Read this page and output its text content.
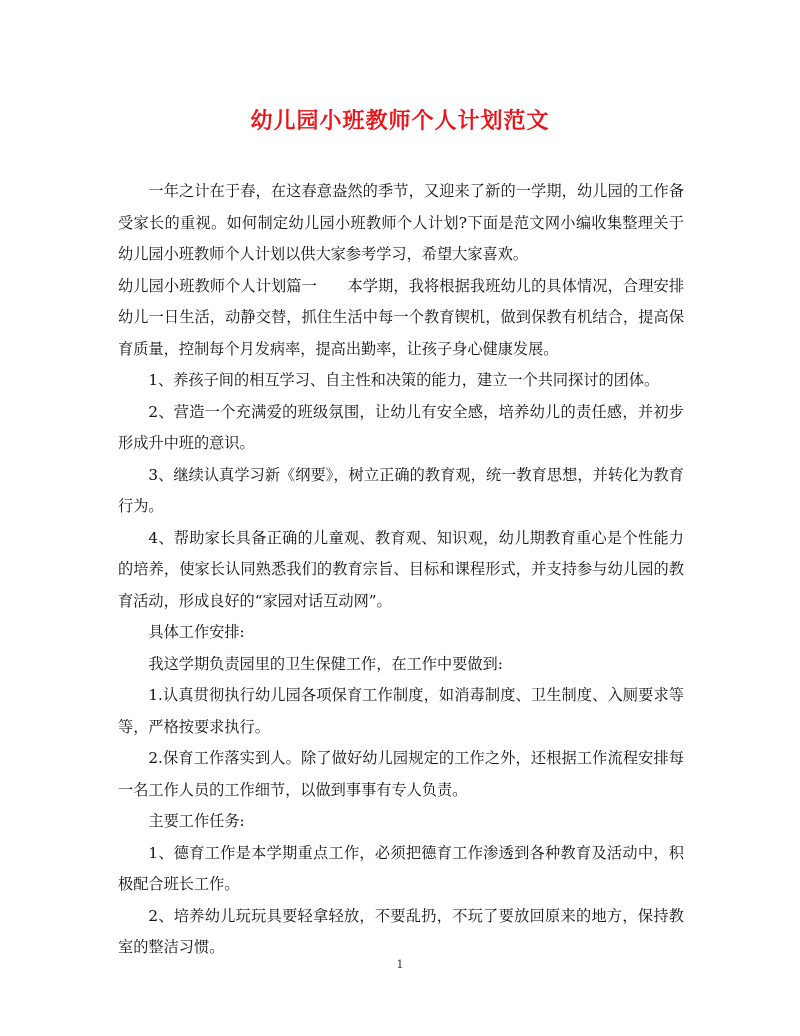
幼儿园小班教师个人计划范文

一年之计在于春，在这春意盎然的季节，又迎来了新的一学期，幼儿园的工作备受家长的重视。如何制定幼儿园小班教师个人计划?下面是范文网小编收集整理关于幼儿园小班教师个人计划以供大家参考学习，希望大家喜欢。

幼儿园小班教师个人计划篇一　　本学期，我将根据我班幼儿的具体情况，合理安排幼儿一日生活，动静交替，抓住生活中每一个教育锲机，做到保教有机结合，提高保育质量，控制每个月发病率，提高出勤率，让孩子身心健康发展。

1、养孩子间的相互学习、自主性和决策的能力，建立一个共同探讨的团体。

2、营造一个充满爱的班级氛围，让幼儿有安全感，培养幼儿的责任感，并初步形成升中班的意识。

3、继续认真学习新《纲要》，树立正确的教育观，统一教育思想，并转化为教育行为。

4、帮助家长具备正确的儿童观、教育观、知识观，幼儿期教育重心是个性能力的培养，使家长认同熟悉我们的教育宗旨、目标和课程形式，并支持参与幼儿园的教育活动，形成良好的“家园对话互动网”。

具体工作安排:

我这学期负责园里的卫生保健工作，在工作中要做到:

1.认真贯彻执行幼儿园各项保育工作制度，如消毒制度、卫生制度、入厕要求等等，严格按要求执行。

2.保育工作落实到人。除了做好幼儿园规定的工作之外，还根据工作流程安排每一名工作人员的工作细节，以做到事事有专人负责。

主要工作任务:

1、德育工作是本学期重点工作，必须把德育工作渗透到各种教育及活动中，积极配合班长工作。

2、培养幼儿玩玩具要轻拿轻放，不要乱扔，不玩了要放回原来的地方，保持教室的整洁习惯。

1
